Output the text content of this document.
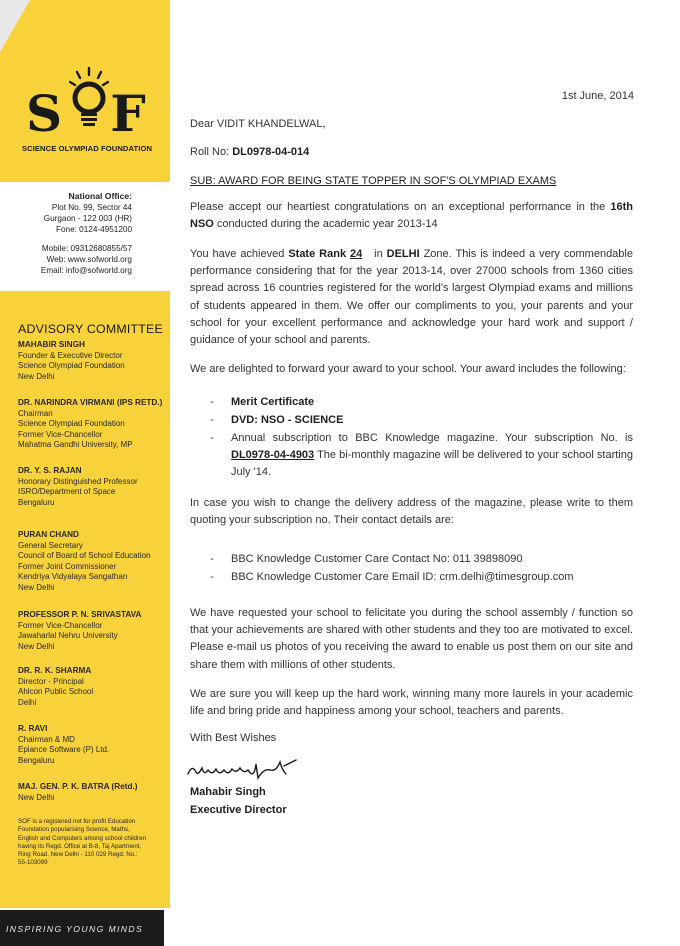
S F
SCIENCE OLYMPIAD FOUNDATION
National Office:
Plot No. 99, Sector 44
Gurgaon - 122 003 (HR)
Fone: 0124-4951200
Mobile: 09312680855/57
Web: www.sofworld.org
Email: info@sofworld.org
ADVISORY COMMITTEE
MAHABIR SINGH
Founder & Executive Director
Science Olympiad Foundation
New Delhi
DR. NARINDRA VIRMANI (IPS RETD.)
Chairman
Science Olympiad Foundation
Former Vice-Chancellor
Mahatma Gandhi University, MP
DR. Y. S. RAJAN
Honorary Distinguished Professor
ISRO/Department of Space
Bengaluru
PURAN CHAND
General Secretary
Council of Board of School Education
Former Joint Commissioner
Kendriya Vidyalaya Sangathan
New Delhi
PROFESSOR P. N. SRIVASTAVA
Former Vice-Chancellor
Jawaharlal Nehru University
New Delhi
DR. R. K. SHARMA
Director - Principal
Ahlcon Public School
Delhi
R. RAVI
Chairman & MD
Epiance Software (P) Ltd.
Bengaluru
MAJ. GEN. P. K. BATRA (Retd.)
New Delhi
SOF is a registered not for profit Education Foundation popularising Science, Maths, English and Computers among school children having its Regd. Office at B-8, Taj Apartment, Ring Road, New Delhi - 110 029 Regd. No.: 55-103099
INSPIRING YOUNG MINDS
1st June, 2014
Dear VIDIT KHANDELWAL,
Roll No: DL0978-04-014
SUB: AWARD FOR BEING STATE TOPPER IN SOF'S OLYMPIAD EXAMS
Please accept our heartiest congratulations on an exceptional performance in the 16th NSO conducted during the academic year 2013-14
You have achieved State Rank 24   in DELHI Zone. This is indeed a very commendable performance considering that for the year 2013-14, over 27000 schools from 1360 cities spread across 16 countries registered for the world's largest Olympiad exams and millions of students appeared in them. We offer our compliments to you, your parents and your school for your excellent performance and acknowledge your hard work and support / guidance of your school and parents.
We are delighted to forward your award to your school. Your award includes the following:
- Merit Certificate
- DVD: NSO - SCIENCE
- Annual subscription to BBC Knowledge magazine. Your subscription No. is DL0978-04-4903 The bi-monthly magazine will be delivered to your school starting July '14.
In case you wish to change the delivery address of the magazine, please write to them quoting your subscription no. Their contact details are:
- BBC Knowledge Customer Care Contact No: 011 39898090
- BBC Knowledge Customer Care Email ID: crm.delhi@timesgroup.com
We have requested your school to felicitate you during the school assembly / function so that your achievements are shared with other students and they too are motivated to excel. Please e-mail us photos of you receiving the award to enable us post them on our site and share them with millions of other students.
We are sure you will keep up the hard work, winning many more laurels in your academic life and bring pride and happiness among your school, teachers and parents.
With Best Wishes
Mahabir Singh
Executive Director
